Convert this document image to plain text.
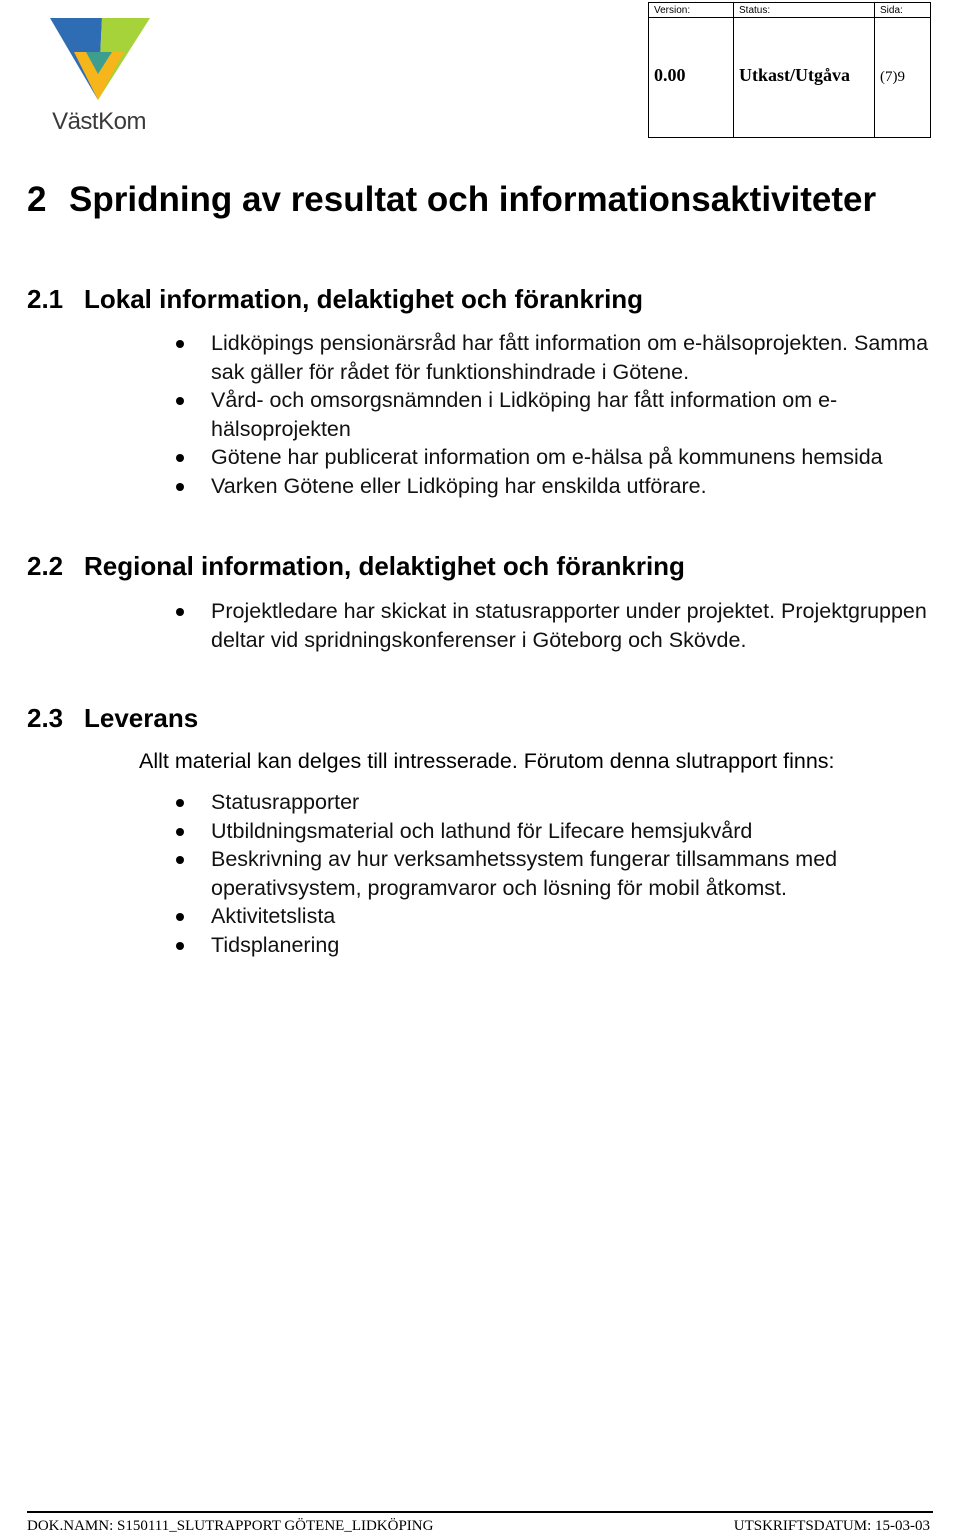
VästKom
Version:
0.00
Status:
Utkast/Utgåva
Sida:
(7)9
2 Spridning av resultat och informationsaktiviteter
2.1 Lokal information, delaktighet och förankring
Lidköpings pensionärsråd har fått information om e-hälsoprojekten. Samma sak gäller för rådet för funktionshindrade i Götene.
Vård- och omsorgsnämnden i Lidköping har fått information om e-hälsoprojekten
Götene har publicerat information om e-hälsa på kommunens hemsida
Varken Götene eller Lidköping har enskilda utförare.
2.2 Regional information, delaktighet och förankring
Projektledare har skickat in statusrapporter under projektet. Projektgruppen deltar vid spridningskonferenser i Göteborg och Skövde.
2.3 Leverans

Allt material kan delges till intresserade. Förutom denna slutrapport finns:

Statusrapporter
Utbildningsmaterial och lathund för Lifecare hemsjukvård
Beskrivning av hur verksamhetssystem fungerar tillsammans med operativsystem, programvaror och lösning för mobil åtkomst.
Aktivitetslista
Tidsplanering
DOK.NAMN: S150111_SLUTRAPPORT GÖTENE_LIDKÖPING	UTSKRIFTSDATUM: 15-03-03
